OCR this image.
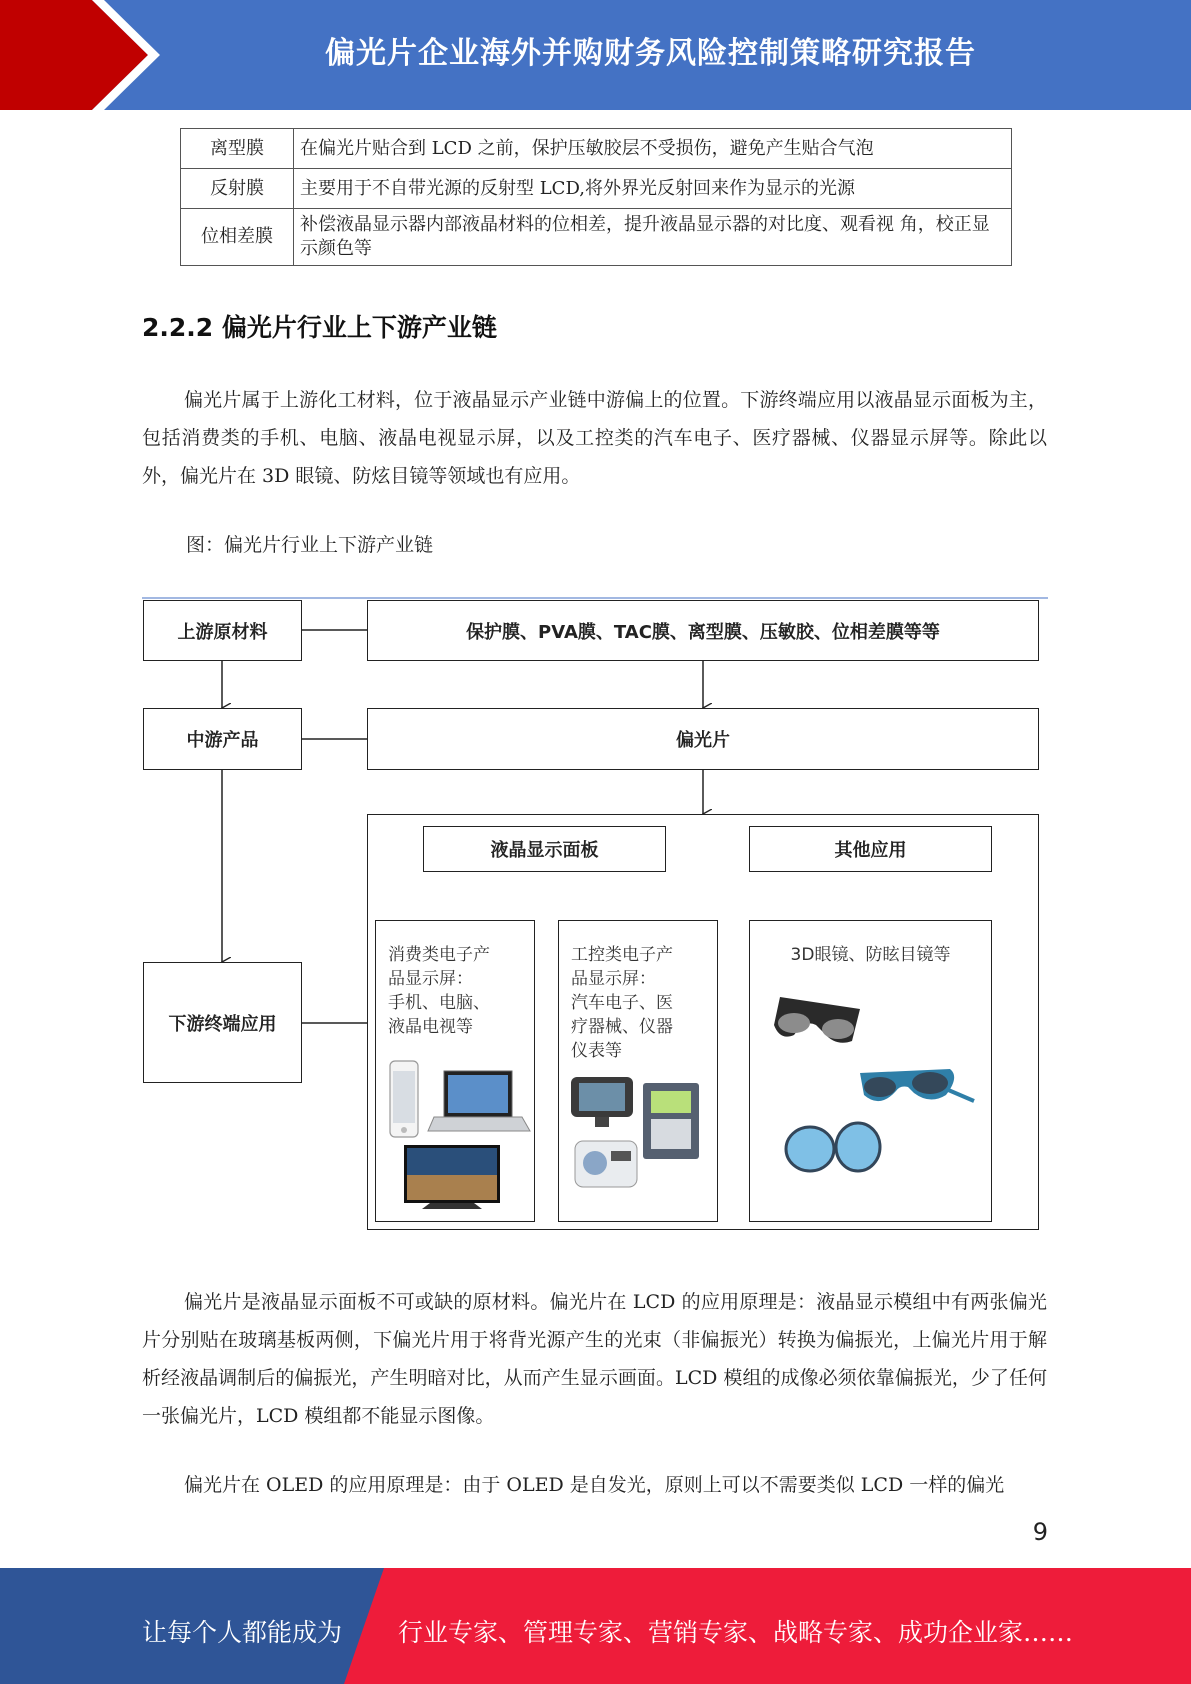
偏光片企业海外并购财务风险控制策略研究报告
离型膜	在偏光片贴合到 LCD 之前，保护压敏胶层不受损伤，避免产生贴合气泡
反射膜	主要用于不自带光源的反射型 LCD,将外界光反射回来作为显示的光源
位相差膜	补偿液晶显示器内部液晶材料的位相差，提升液晶显示器的对比度、观看视 角，校正显示颜色等
2.2.2 偏光片行业上下游产业链
偏光片属于上游化工材料，位于液晶显示产业链中游偏上的位置。下游终端应用以液晶显示面板为主，包括消费类的手机、电脑、液晶电视显示屏，以及工控类的汽车电子、医疗器械、仪器显示屏等。除此以外，偏光片在 3D 眼镜、防炫目镜等领域也有应用。
图：偏光片行业上下游产业链
上游原材料	保护膜、PVA膜、TAC膜、离型膜、压敏胶、位相差膜等等
中游产品	偏光片
下游终端应用
液晶显示面板	其他应用
消费类电子产
品显示屏：
手机、电脑、
液晶电视等
工控类电子产
品显示屏：
汽车电子、医
疗器械、仪器
仪表等
3D眼镜、防眩目镜等
偏光片是液晶显示面板不可或缺的原材料。偏光片在 LCD 的应用原理是：液晶显示模组中有两张偏光片分别贴在玻璃基板两侧，下偏光片用于将背光源产生的光束（非偏振光）转换为偏振光，上偏光片用于解析经液晶调制后的偏振光，产生明暗对比，从而产生显示画面。LCD 模组的成像必须依靠偏振光，少了任何一张偏光片，LCD 模组都不能显示图像。
偏光片在 OLED 的应用原理是：由于 OLED 是自发光，原则上可以不需要类似 LCD 一样的偏光
9
让每个人都能成为 行业专家、管理专家、营销专家、战略专家、成功企业家……
